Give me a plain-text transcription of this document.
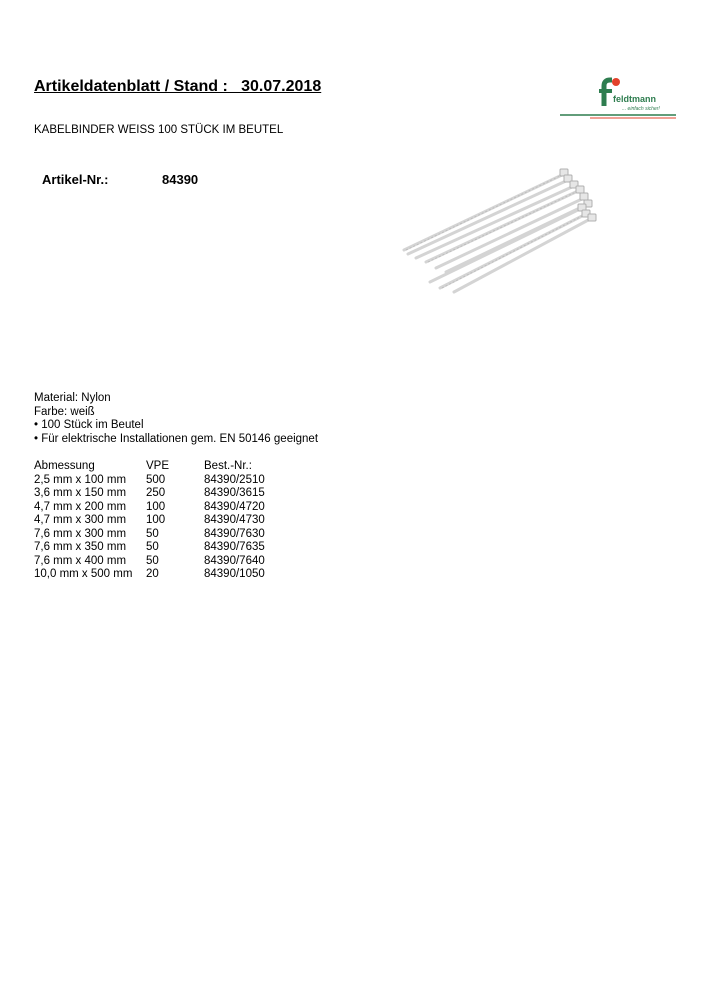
Artikeldatenblatt / Stand :   30.07.2018
feldtmann
... einfach sicher!
KABELBINDER WEISS 100 STÜCK IM BEUTEL
Artikel-Nr.:	84390
Material: Nylon
Farbe: weiß
• 100 Stück im Beutel
• Für elektrische Installationen gem. EN 50146 geeignet
Abmessung	VPE	Best.-Nr.:
2,5 mm x 100 mm	500	84390/2510
3,6 mm x 150 mm	250	84390/3615
4,7 mm x 200 mm	100	84390/4720
4,7 mm x 300 mm	100	84390/4730
7,6 mm x 300 mm	50	84390/7630
7,6 mm x 350 mm	50	84390/7635
7,6 mm x 400 mm	50	84390/7640
10,0 mm x 500 mm	20	84390/1050
